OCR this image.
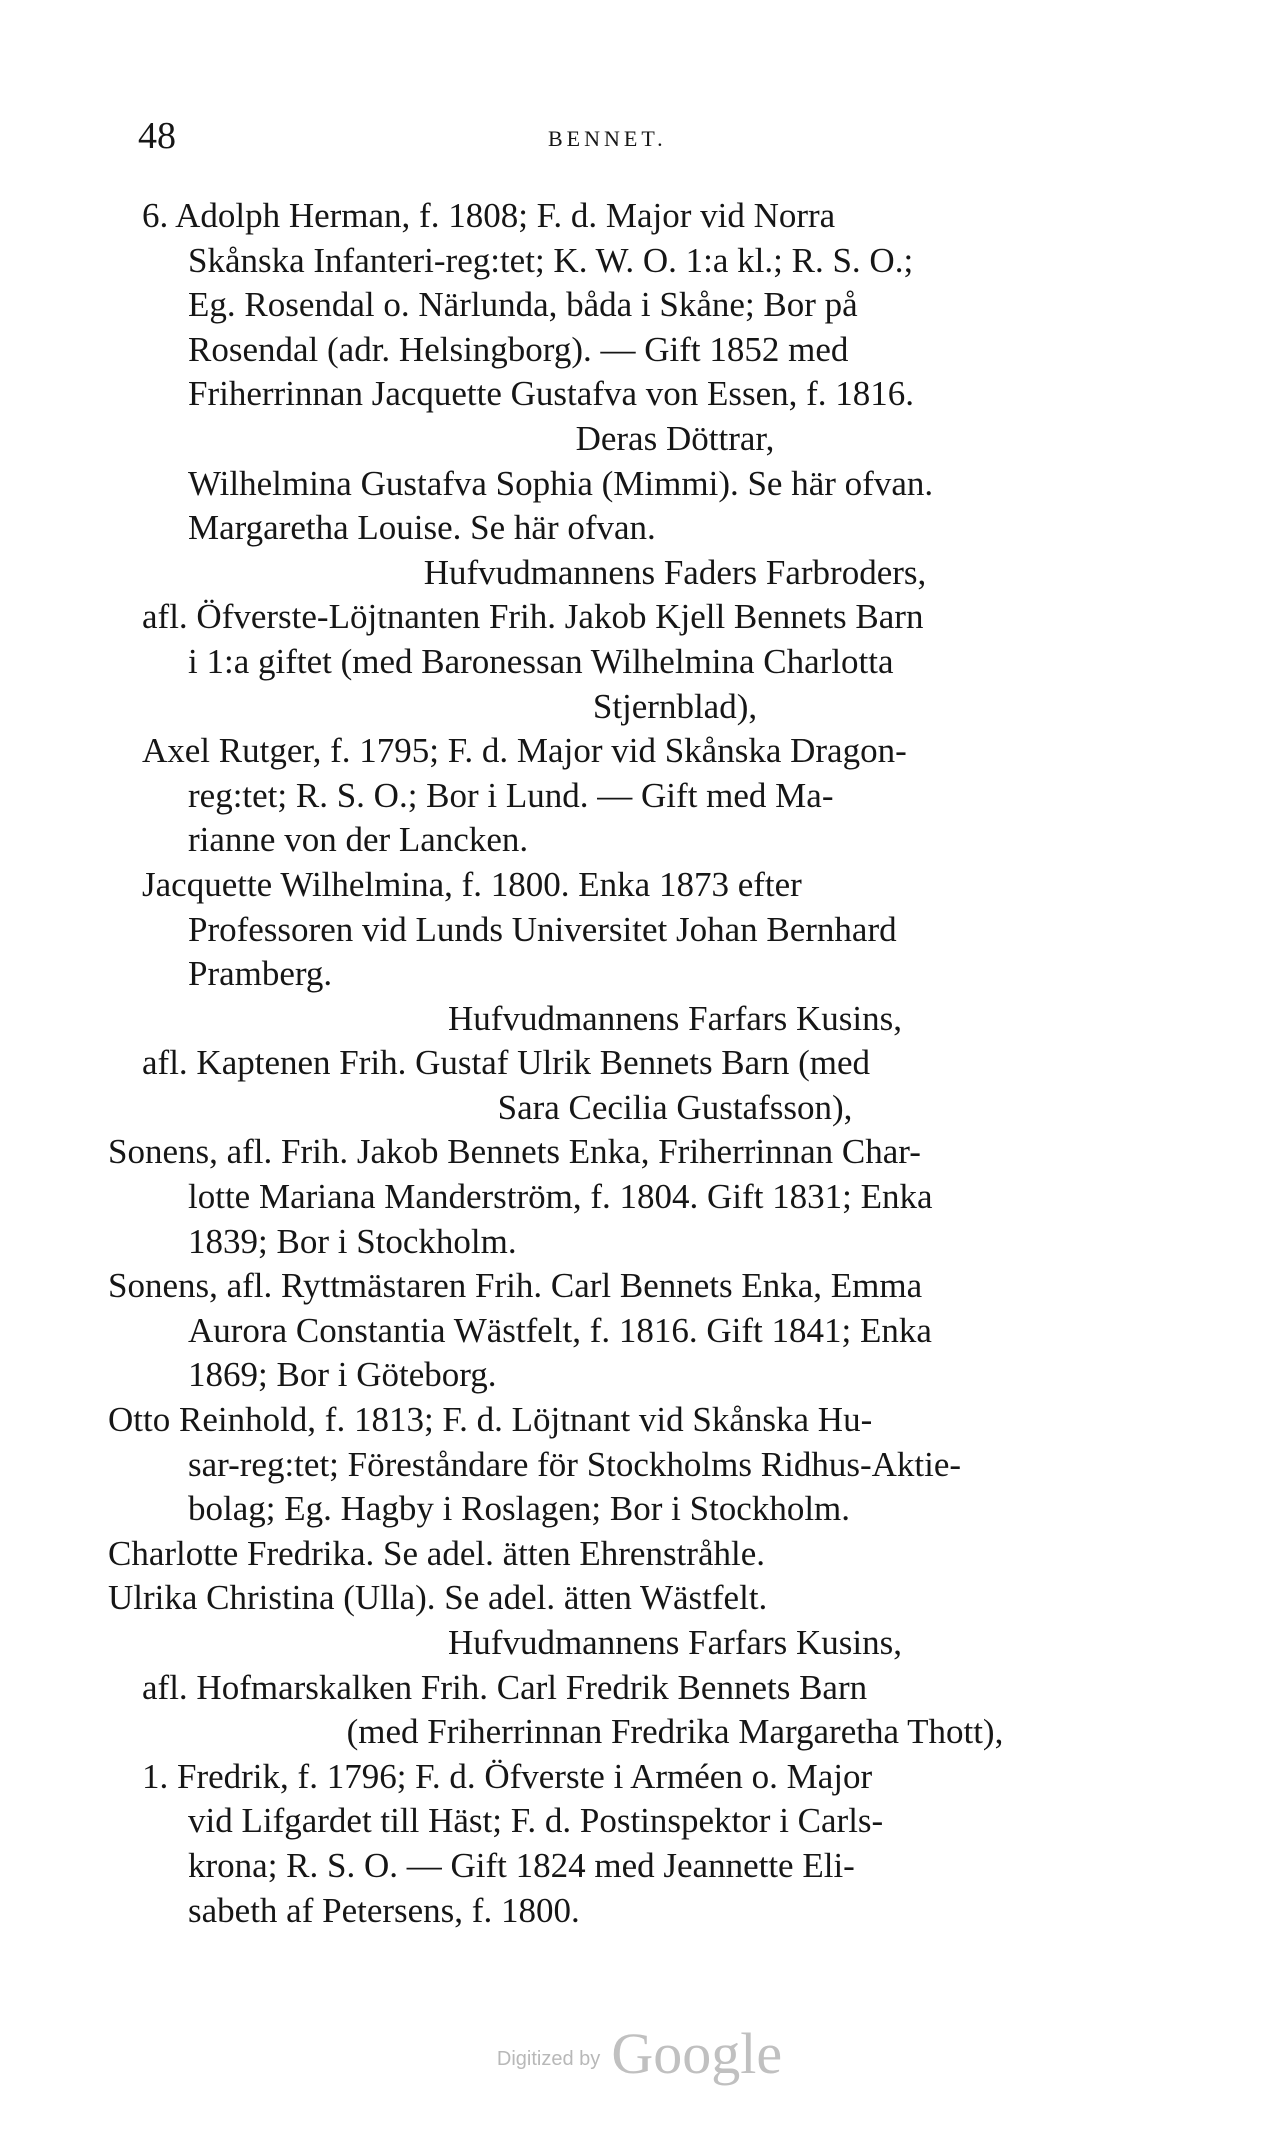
48	BENNET.
6. Adolph Herman, f. 1808; F. d. Major vid Norra
Skånska Infanteri-reg:tet; K. W. O. 1:a kl.; R. S. O.;
Eg. Rosendal o. Närlunda, båda i Skåne; Bor på
Rosendal (adr. Helsingborg). — Gift 1852 med
Friherrinnan Jacquette Gustafva von Essen, f. 1816.
Deras Döttrar,
Wilhelmina Gustafva Sophia (Mimmi). Se här ofvan.
Margaretha Louise. Se här ofvan.
Hufvudmannens Faders Farbroders,
afl. Öfverste-Löjtnanten Frih. Jakob Kjell Bennets Barn
i 1:a giftet (med Baronessan Wilhelmina Charlotta
Stjernblad),
Axel Rutger, f. 1795; F. d. Major vid Skånska Dragon-
reg:tet; R. S. O.; Bor i Lund. — Gift med Ma-
rianne von der Lancken.
Jacquette Wilhelmina, f. 1800. Enka 1873 efter
Professoren vid Lunds Universitet Johan Bernhard
Pramberg.
Hufvudmannens Farfars Kusins,
afl. Kaptenen Frih. Gustaf Ulrik Bennets Barn (med
Sara Cecilia Gustafsson),
Sonens, afl. Frih. Jakob Bennets Enka, Friherrinnan Char-
lotte Mariana Manderström, f. 1804. Gift 1831; Enka
1839; Bor i Stockholm.
Sonens, afl. Ryttmästaren Frih. Carl Bennets Enka, Emma
Aurora Constantia Wästfelt, f. 1816. Gift 1841; Enka
1869; Bor i Göteborg.
Otto Reinhold, f. 1813; F. d. Löjtnant vid Skånska Hu-
sar-reg:tet; Föreståndare för Stockholms Ridhus-Aktie-
bolag; Eg. Hagby i Roslagen; Bor i Stockholm.
Charlotte Fredrika. Se adel. ätten Ehrenstråhle.
Ulrika Christina (Ulla). Se adel. ätten Wästfelt.
Hufvudmannens Farfars Kusins,
afl. Hofmarskalken Frih. Carl Fredrik Bennets Barn
(med Friherrinnan Fredrika Margaretha Thott),
1. Fredrik, f. 1796; F. d. Öfverste i Arméen o. Major
vid Lifgardet till Häst; F. d. Postinspektor i Carls-
krona; R. S. O. — Gift 1824 med Jeannette Eli-
sabeth af Petersens, f. 1800.
Digitized by Google
